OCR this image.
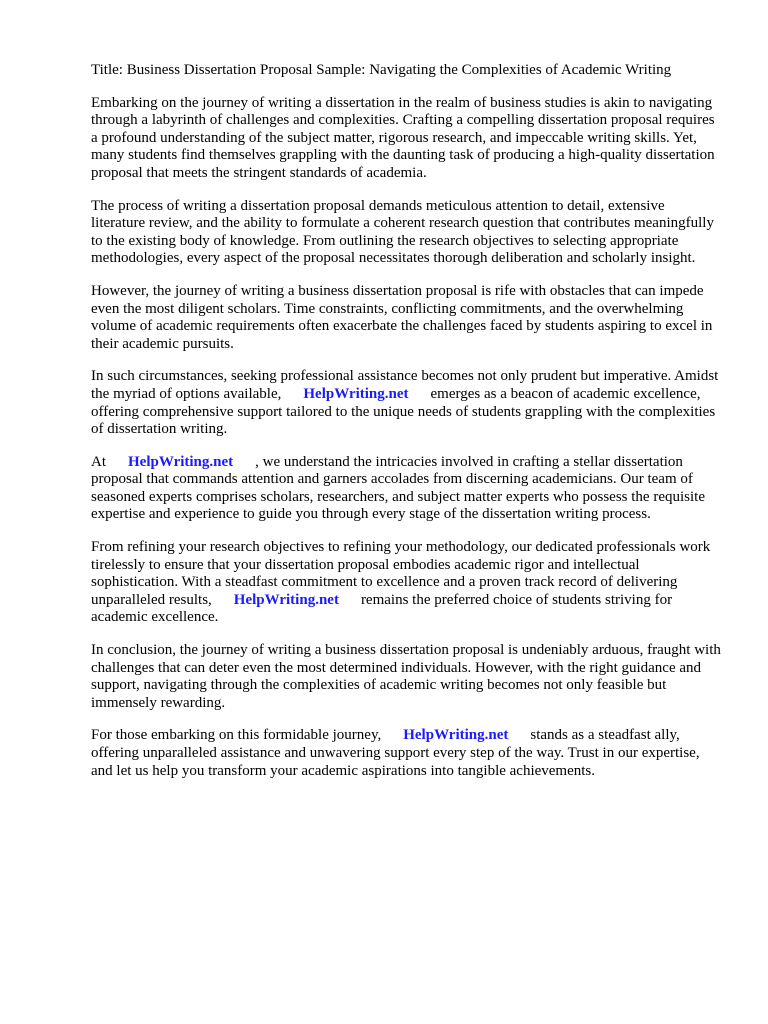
Title: Business Dissertation Proposal Sample: Navigating the Complexities of Academic Writing

Embarking on the journey of writing a dissertation in the realm of business studies is akin to navigating through a labyrinth of challenges and complexities. Crafting a compelling dissertation proposal requires a profound understanding of the subject matter, rigorous research, and impeccable writing skills. Yet, many students find themselves grappling with the daunting task of producing a high-quality dissertation proposal that meets the stringent standards of academia.

The process of writing a dissertation proposal demands meticulous attention to detail, extensive literature review, and the ability to formulate a coherent research question that contributes meaningfully to the existing body of knowledge. From outlining the research objectives to selecting appropriate methodologies, every aspect of the proposal necessitates thorough deliberation and scholarly insight.

However, the journey of writing a business dissertation proposal is rife with obstacles that can impede even the most diligent scholars. Time constraints, conflicting commitments, and the overwhelming volume of academic requirements often exacerbate the challenges faced by students aspiring to excel in their academic pursuits.

In such circumstances, seeking professional assistance becomes not only prudent but imperative. Amidst the myriad of options available, HelpWriting.net emerges as a beacon of academic excellence, offering comprehensive support tailored to the unique needs of students grappling with the complexities of dissertation writing.

At HelpWriting.net , we understand the intricacies involved in crafting a stellar dissertation proposal that commands attention and garners accolades from discerning academicians. Our team of seasoned experts comprises scholars, researchers, and subject matter experts who possess the requisite expertise and experience to guide you through every stage of the dissertation writing process.

From refining your research objectives to refining your methodology, our dedicated professionals work tirelessly to ensure that your dissertation proposal embodies academic rigor and intellectual sophistication. With a steadfast commitment to excellence and a proven track record of delivering unparalleled results, HelpWriting.net remains the preferred choice of students striving for academic excellence.

In conclusion, the journey of writing a business dissertation proposal is undeniably arduous, fraught with challenges that can deter even the most determined individuals. However, with the right guidance and support, navigating through the complexities of academic writing becomes not only feasible but immensely rewarding.

For those embarking on this formidable journey, HelpWriting.net stands as a steadfast ally, offering unparalleled assistance and unwavering support every step of the way. Trust in our expertise, and let us help you transform your academic aspirations into tangible achievements.
